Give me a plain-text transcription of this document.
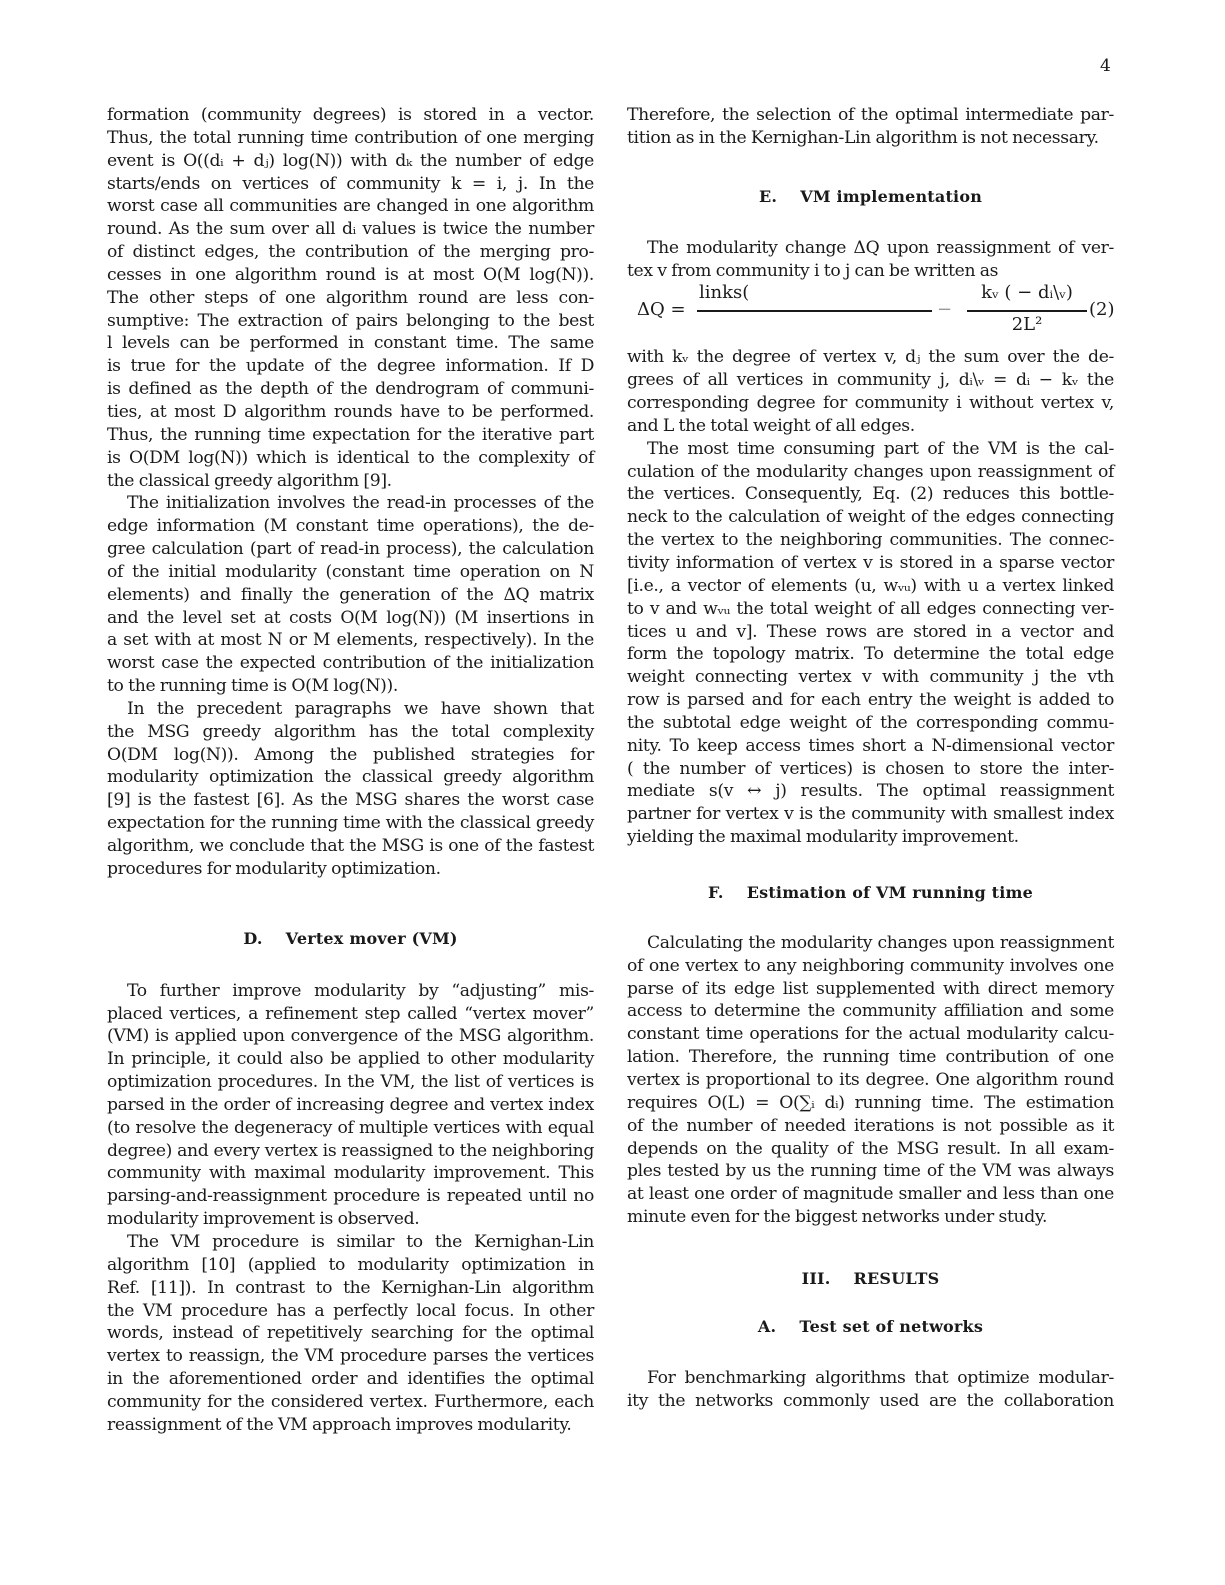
4
formation (community degrees) is stored in a vector.
Thus, the total running time contribution of one merging
event is O((dᵢ + dⱼ) log(N)) with dₖ the number of edge
starts/ends on vertices of community k = i, j. In the
worst case all communities are changed in one algorithm
round. As the sum over all dᵢ values is twice the number
of distinct edges, the contribution of the merging pro-
cesses in one algorithm round is at most O(M log(N)).
The other steps of one algorithm round are less con-
sumptive: The extraction of pairs belonging to the best
l levels can be performed in constant time. The same
is true for the update of the degree information. If D
is defined as the depth of the dendrogram of communi-
ties, at most D algorithm rounds have to be performed.
Thus, the running time expectation for the iterative part
is O(DM log(N)) which is identical to the complexity of
the classical greedy algorithm [9].
The initialization involves the read-in processes of the
edge information (M constant time operations), the de-
gree calculation (part of read-in process), the calculation
of the initial modularity (constant time operation on N
elements) and finally the generation of the ΔQ matrix
and the level set at costs O(M log(N)) (M insertions in
a set with at most N or M elements, respectively). In the
worst case the expected contribution of the initialization
to the running time is O(M log(N)).
In the precedent paragraphs we have shown that
the MSG greedy algorithm has the total complexity
O(DM log(N)). Among the published strategies for
modularity optimization the classical greedy algorithm
[9] is the fastest [6]. As the MSG shares the worst case
expectation for the running time with the classical greedy
algorithm, we conclude that the MSG is one of the fastest
procedures for modularity optimization.
D.    Vertex mover (VM)
To further improve modularity by “adjusting” mis-
placed vertices, a refinement step called “vertex mover”
(VM) is applied upon convergence of the MSG algorithm.
In principle, it could also be applied to other modularity
optimization procedures. In the VM, the list of vertices is
parsed in the order of increasing degree and vertex index
(to resolve the degeneracy of multiple vertices with equal
degree) and every vertex is reassigned to the neighboring
community with maximal modularity improvement. This
parsing-and-reassignment procedure is repeated until no
modularity improvement is observed.
The VM procedure is similar to the Kernighan-Lin
algorithm [10] (applied to modularity optimization in
Ref. [11]). In contrast to the Kernighan-Lin algorithm
the VM procedure has a perfectly local focus. In other
words, instead of repetitively searching for the optimal
vertex to reassign, the VM procedure parses the vertices
in the aforementioned order and identifies the optimal
community for the considered vertex. Furthermore, each
reassignment of the VM approach improves modularity.
Therefore, the selection of the optimal intermediate par-
tition as in the Kernighan-Lin algorithm is not necessary.
E.    VM implementation
The modularity change ΔQ upon reassignment of ver-
tex v from community i to j can be written as
ΔQ =
links(
−
kᵥ ( − dᵢ\ᵥ)
2L²
(2)
with kᵥ the degree of vertex v, dⱼ the sum over the de-
grees of all vertices in community j, dᵢ\ᵥ = dᵢ − kᵥ the
corresponding degree for community i without vertex v,
and L the total weight of all edges.
The most time consuming part of the VM is the cal-
culation of the modularity changes upon reassignment of
the vertices. Consequently, Eq. (2) reduces this bottle-
neck to the calculation of weight of the edges connecting
the vertex to the neighboring communities. The connec-
tivity information of vertex v is stored in a sparse vector
[i.e., a vector of elements (u, wᵥᵤ) with u a vertex linked
to v and wᵥᵤ the total weight of all edges connecting ver-
tices u and v]. These rows are stored in a vector and
form the topology matrix. To determine the total edge
weight connecting vertex v with community j the vth
row is parsed and for each entry the weight is added to
the subtotal edge weight of the corresponding commu-
nity. To keep access times short a N-dimensional vector
( the number of vertices) is chosen to store the inter-
mediate s(v ↔ j) results. The optimal reassignment
partner for vertex v is the community with smallest index
yielding the maximal modularity improvement.
F.    Estimation of VM running time
Calculating the modularity changes upon reassignment
of one vertex to any neighboring community involves one
parse of its edge list supplemented with direct memory
access to determine the community affiliation and some
constant time operations for the actual modularity calcu-
lation. Therefore, the running time contribution of one
vertex is proportional to its degree. One algorithm round
requires O(L) = O(∑ᵢ dᵢ) running time. The estimation
of the number of needed iterations is not possible as it
depends on the quality of the MSG result. In all exam-
ples tested by us the running time of the VM was always
at least one order of magnitude smaller and less than one
minute even for the biggest networks under study.
III.    RESULTS
A.    Test set of networks
For benchmarking algorithms that optimize modular-
ity the networks commonly used are the collaboration
